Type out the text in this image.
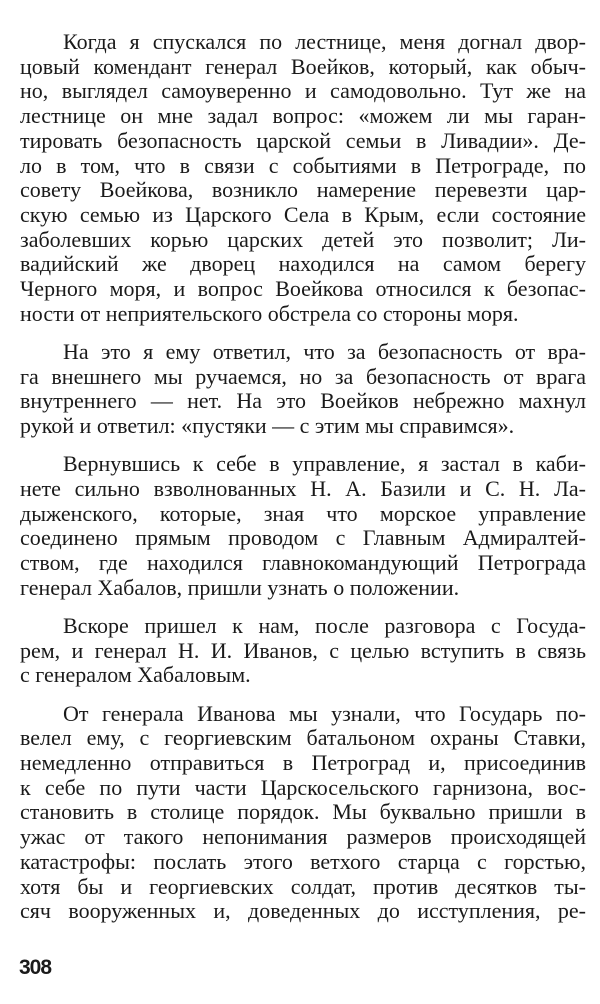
Когда я спускался по лестнице, меня догнал двор-
цовый комендант генерал Воейков, который, как обыч-
но, выглядел самоуверенно и самодовольно. Тут же на
лестнице он мне задал вопрос: «можем ли мы гаран-
тировать безопасность царской семьи в Ливадии». Де-
ло в том, что в связи с событиями в Петрограде, по
совету Воейкова, возникло намерение перевезти цар-
скую семью из Царского Села в Крым, если состояние
заболевших корью царских детей это позволит; Ли-
вадийский же дворец находился на самом берегу
Черного моря, и вопрос Воейкова относился к безопас-
ности от неприятельского обстрела со стороны моря.
На это я ему ответил, что за безопасность от вра-
га внешнего мы ручаемся, но за безопасность от врага
внутреннего — нет. На это Воейков небрежно махнул
рукой и ответил: «пустяки — с этим мы справимся».
Вернувшись к себе в управление, я застал в каби-
нете сильно взволнованных Н. А. Базили и С. Н. Ла-
дыженского, которые, зная что морское управление
соединено прямым проводом с Главным Адмиралтей-
ством, где находился главнокомандующий Петрограда
генерал Хабалов, пришли узнать о положении.
Вскоре пришел к нам, после разговора с Госуда-
рем, и генерал Н. И. Иванов, с целью вступить в связь
с генералом Хабаловым.
От генерала Иванова мы узнали, что Государь по-
велел ему, с георгиевским батальоном охраны Ставки,
немедленно отправиться в Петроград и, присоединив
к себе по пути части Царскосельского гарнизона, вос-
становить в столице порядок. Мы буквально пришли в
ужас от такого непонимания размеров происходящей
катастрофы: послать этого ветхого старца с горстью,
хотя бы и георгиевских солдат, против десятков ты-
сяч вооруженных и, доведенных до исступления, ре-
308
